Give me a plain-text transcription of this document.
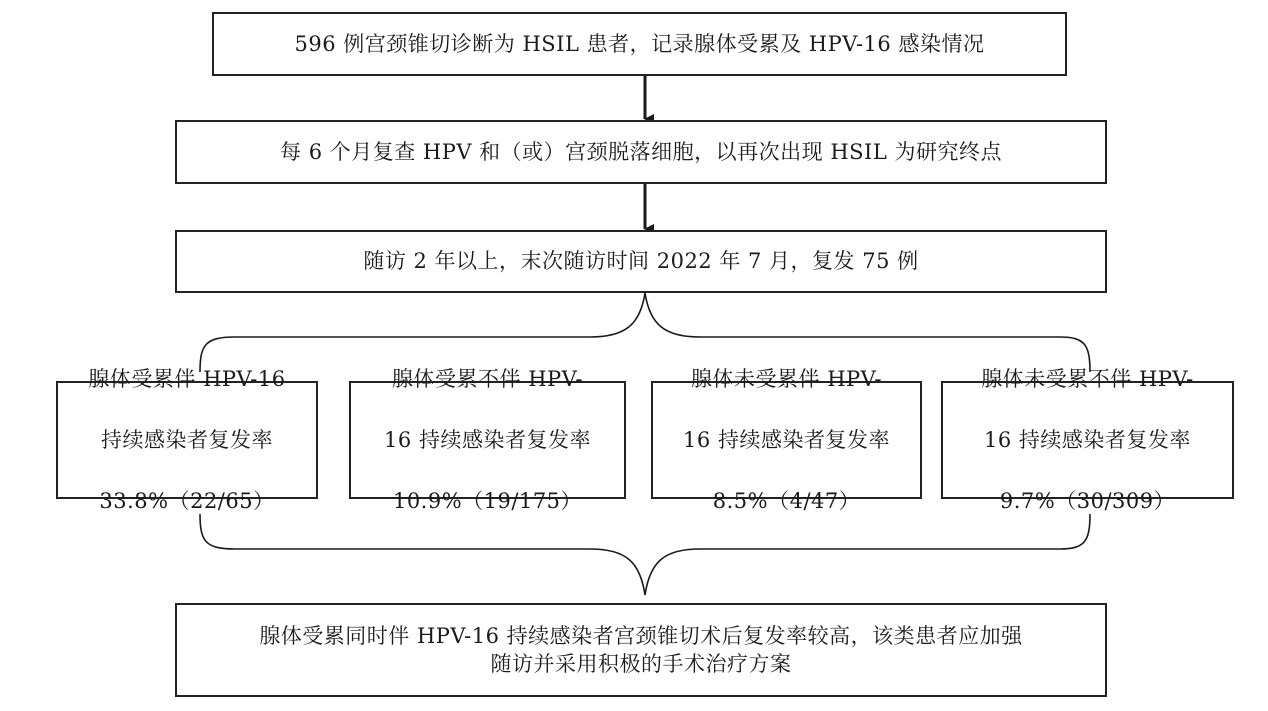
596 例宫颈锥切诊断为 HSIL 患者，记录腺体受累及 HPV-16 感染情况
每 6 个月复查 HPV 和（或）宫颈脱落细胞，以再次出现 HSIL 为研究终点
随访 2 年以上，末次随访时间 2022 年 7 月，复发 75 例

腺体受累伴 HPV-16

持续感染者复发率

33.8%（22/65）

腺体受累不伴 HPV-

16 持续感染者复发率

10.9%（19/175）

腺体未受累伴 HPV-

16 持续感染者复发率

8.5%（4/47）

腺体未受累不伴 HPV-

16 持续感染者复发率

9.7%（30/309）

腺体受累同时伴 HPV-16 持续感染者宫颈锥切术后复发率较高，该类患者应加强
随访并采用积极的手术治疗方案
